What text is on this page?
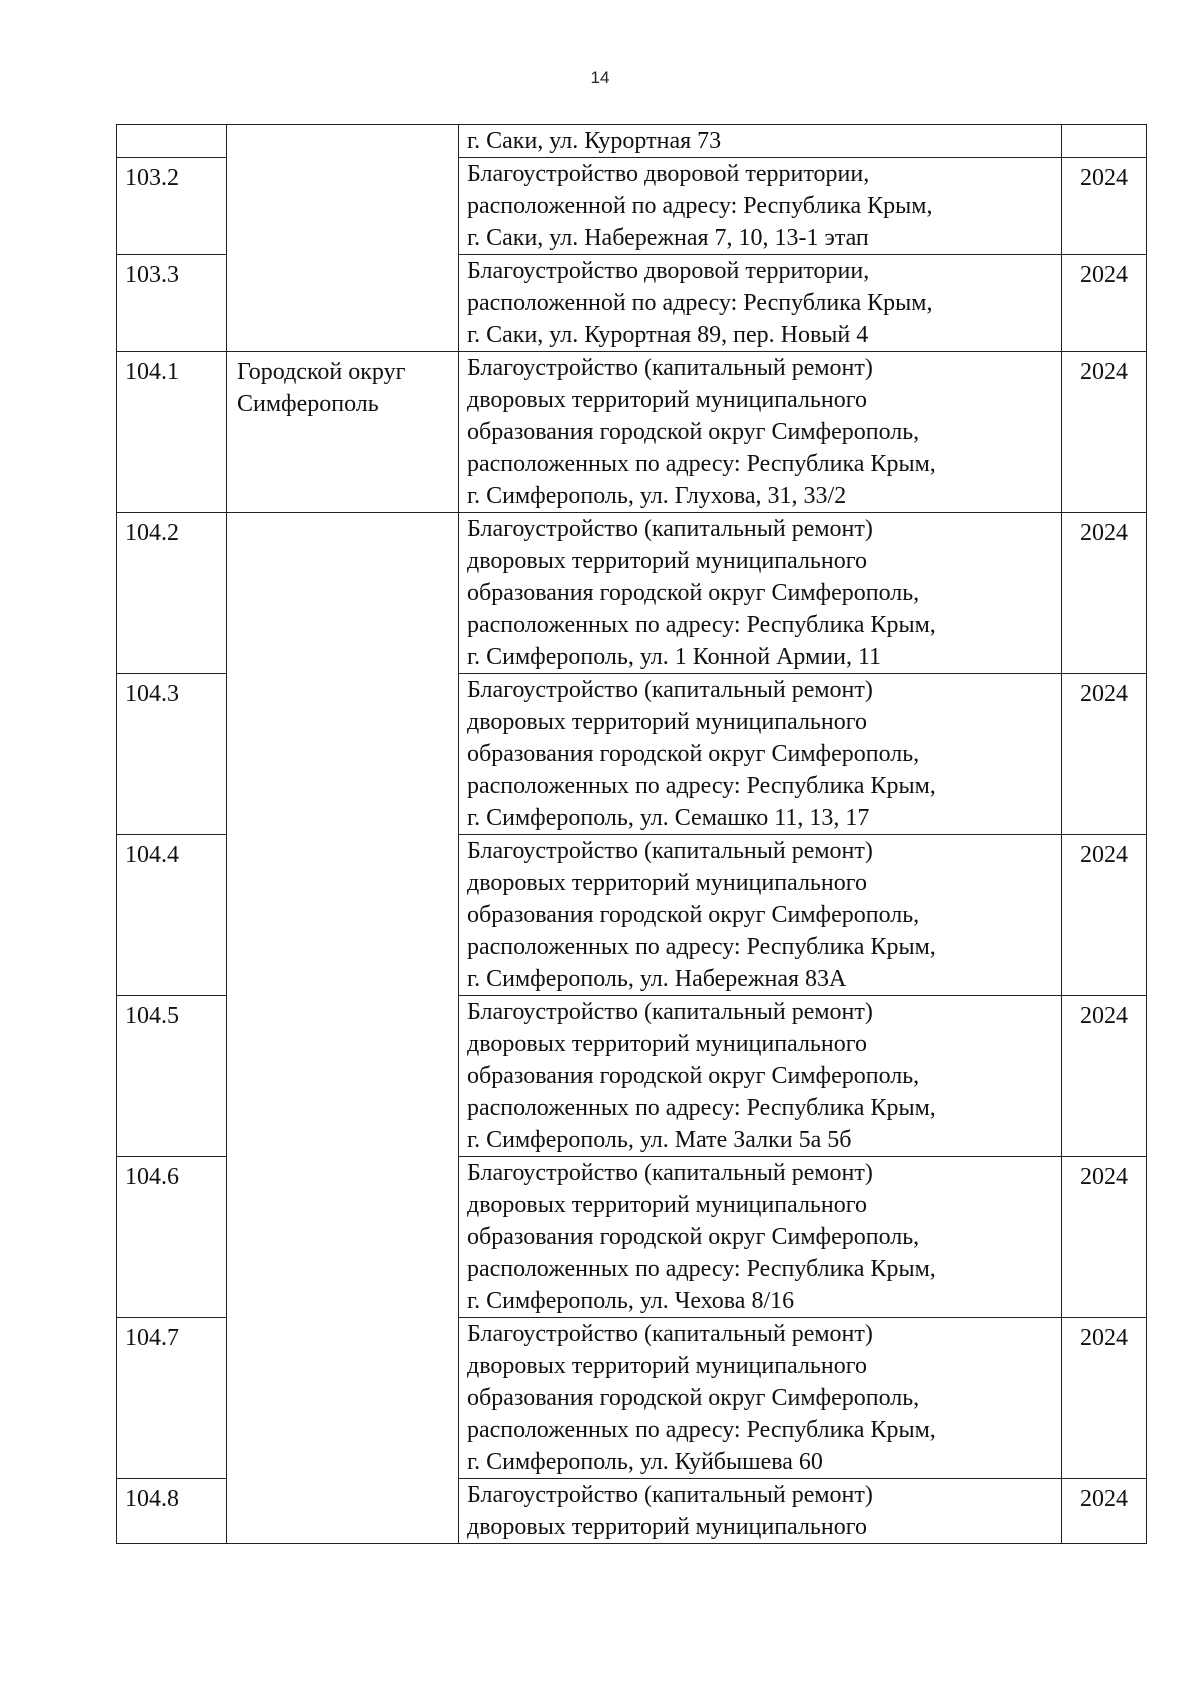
14

		г. Саки, ул. Курортная 73	

103.2		Благоустройство дворовой территории,
расположенной по адресу: Республика Крым,
г. Саки, ул. Набережная 7, 10, 13-1 этап	2024
103.3		Благоустройство дворовой территории,
расположенной по адресу: Республика Крым,
г. Саки, ул. Курортная 89, пер. Новый 4	2024
104.1	Городской округ Симферополь	Благоустройство (капитальный ремонт)
дворовых территорий муниципального
образования городской округ Симферополь,
расположенных по адресу: Республика Крым,
г. Симферополь, ул. Глухова, 31, 33/2	2024
104.2		Благоустройство (капитальный ремонт)
дворовых территорий муниципального
образования городской округ Симферополь,
расположенных по адресу: Республика Крым,
г. Симферополь, ул. 1 Конной Армии, 11	2024
104.3		Благоустройство (капитальный ремонт)
дворовых территорий муниципального
образования городской округ Симферополь,
расположенных по адресу: Республика Крым,
г. Симферополь, ул. Семашко 11, 13, 17	2024
104.4		Благоустройство (капитальный ремонт)
дворовых территорий муниципального
образования городской округ Симферополь,
расположенных по адресу: Республика Крым,
г. Симферополь, ул. Набережная 83А	2024
104.5		Благоустройство (капитальный ремонт)
дворовых территорий муниципального
образования городской округ Симферополь,
расположенных по адресу: Республика Крым,
г. Симферополь, ул. Мате Залки 5а 5б	2024
104.6		Благоустройство (капитальный ремонт)
дворовых территорий муниципального
образования городской округ Симферополь,
расположенных по адресу: Республика Крым,
г. Симферополь, ул. Чехова 8/16	2024
104.7		Благоустройство (капитальный ремонт)
дворовых территорий муниципального
образования городской округ Симферополь,
расположенных по адресу: Республика Крым,
г. Симферополь, ул. Куйбышева 60	2024
104.8		Благоустройство (капитальный ремонт)
дворовых территорий муниципального	2024
